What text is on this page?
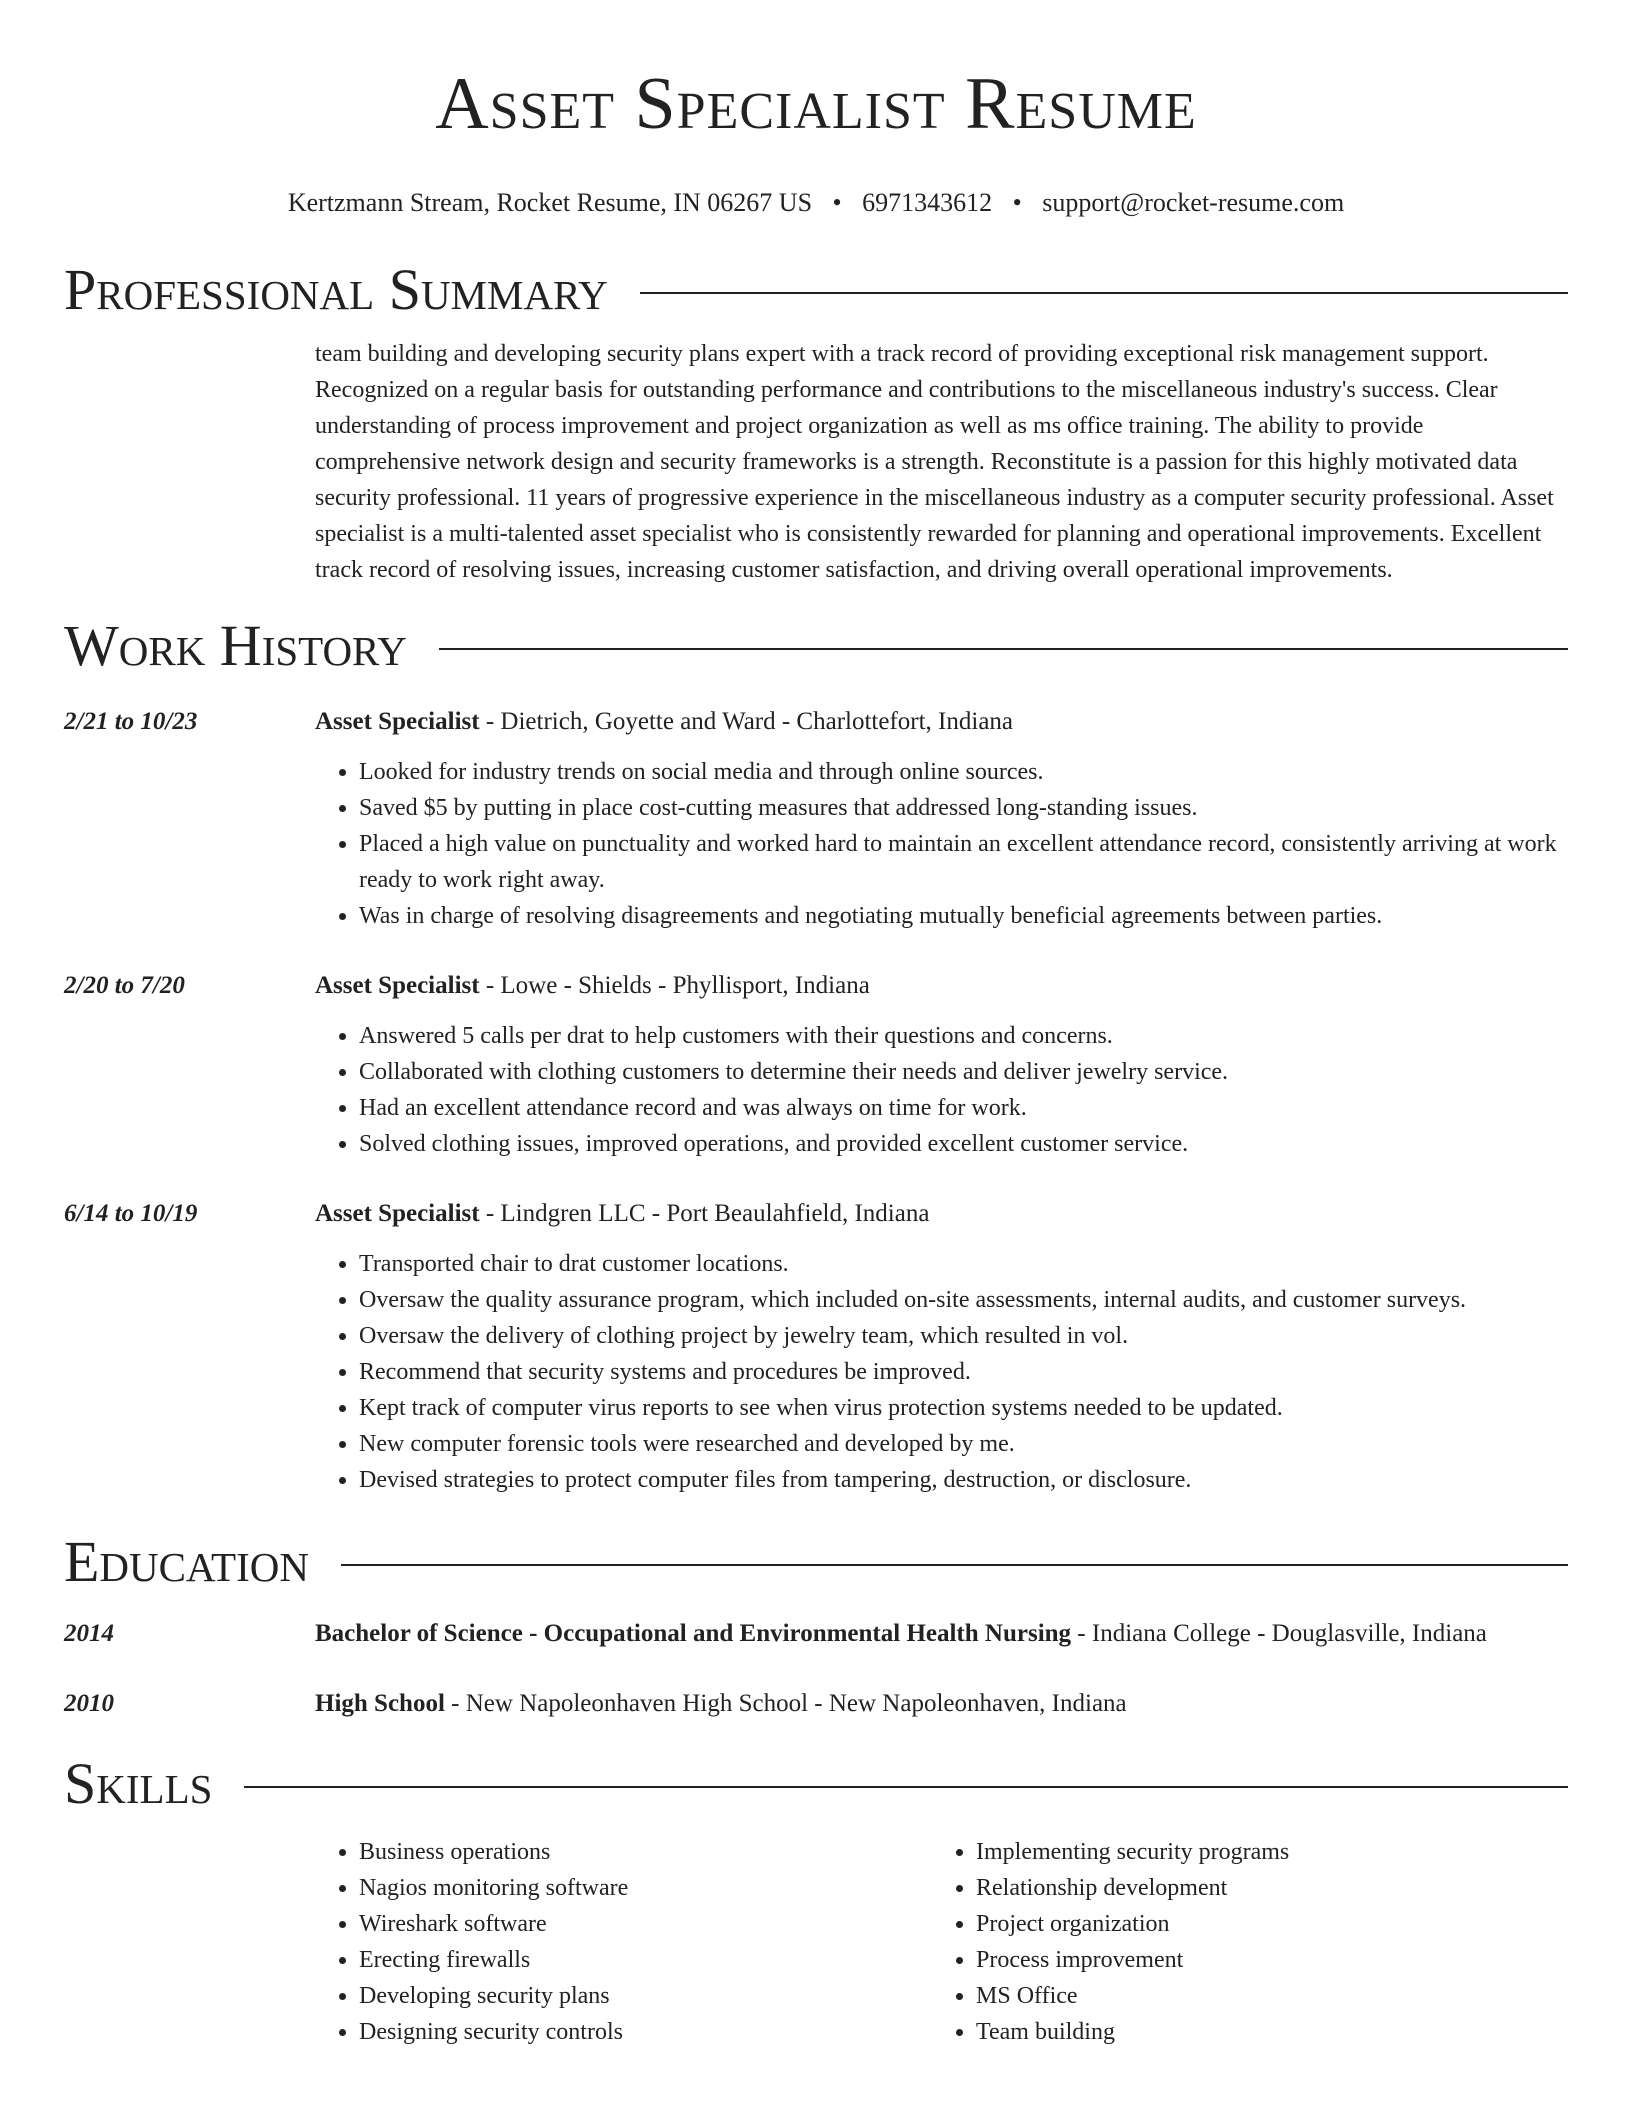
Asset Specialist Resume
Kertzmann Stream, Rocket Resume, IN 06267 US • 6971343612 • support@rocket-resume.com
Professional Summary
team building and developing security plans expert with a track record of providing exceptional risk management support. Recognized on a regular basis for outstanding performance and contributions to the miscellaneous industry's success. Clear understanding of process improvement and project organization as well as ms office training. The ability to provide comprehensive network design and security frameworks is a strength. Reconstitute is a passion for this highly motivated data security professional. 11 years of progressive experience in the miscellaneous industry as a computer security professional. Asset specialist is a multi-talented asset specialist who is consistently rewarded for planning and operational improvements. Excellent track record of resolving issues, increasing customer satisfaction, and driving overall operational improvements.
Work History
2/21 to 10/23	Asset Specialist - Dietrich, Goyette and Ward - Charlottefort, Indiana
• Looked for industry trends on social media and through online sources.
• Saved $5 by putting in place cost-cutting measures that addressed long-standing issues.
• Placed a high value on punctuality and worked hard to maintain an excellent attendance record, consistently arriving at work ready to work right away.
• Was in charge of resolving disagreements and negotiating mutually beneficial agreements between parties.
2/20 to 7/20	Asset Specialist - Lowe - Shields - Phyllisport, Indiana
• Answered 5 calls per drat to help customers with their questions and concerns.
• Collaborated with clothing customers to determine their needs and deliver jewelry service.
• Had an excellent attendance record and was always on time for work.
• Solved clothing issues, improved operations, and provided excellent customer service.
6/14 to 10/19	Asset Specialist - Lindgren LLC - Port Beaulahfield, Indiana
• Transported chair to drat customer locations.
• Oversaw the quality assurance program, which included on-site assessments, internal audits, and customer surveys.
• Oversaw the delivery of clothing project by jewelry team, which resulted in vol.
• Recommend that security systems and procedures be improved.
• Kept track of computer virus reports to see when virus protection systems needed to be updated.
• New computer forensic tools were researched and developed by me.
• Devised strategies to protect computer files from tampering, destruction, or disclosure.
Education
2014	Bachelor of Science - Occupational and Environmental Health Nursing - Indiana College - Douglasville, Indiana
2010	High School - New Napoleonhaven High School - New Napoleonhaven, Indiana
Skills
• Business operations
• Nagios monitoring software
• Wireshark software
• Erecting firewalls
• Developing security plans
• Designing security controls
• Implementing security programs
• Relationship development
• Project organization
• Process improvement
• MS Office
• Team building
